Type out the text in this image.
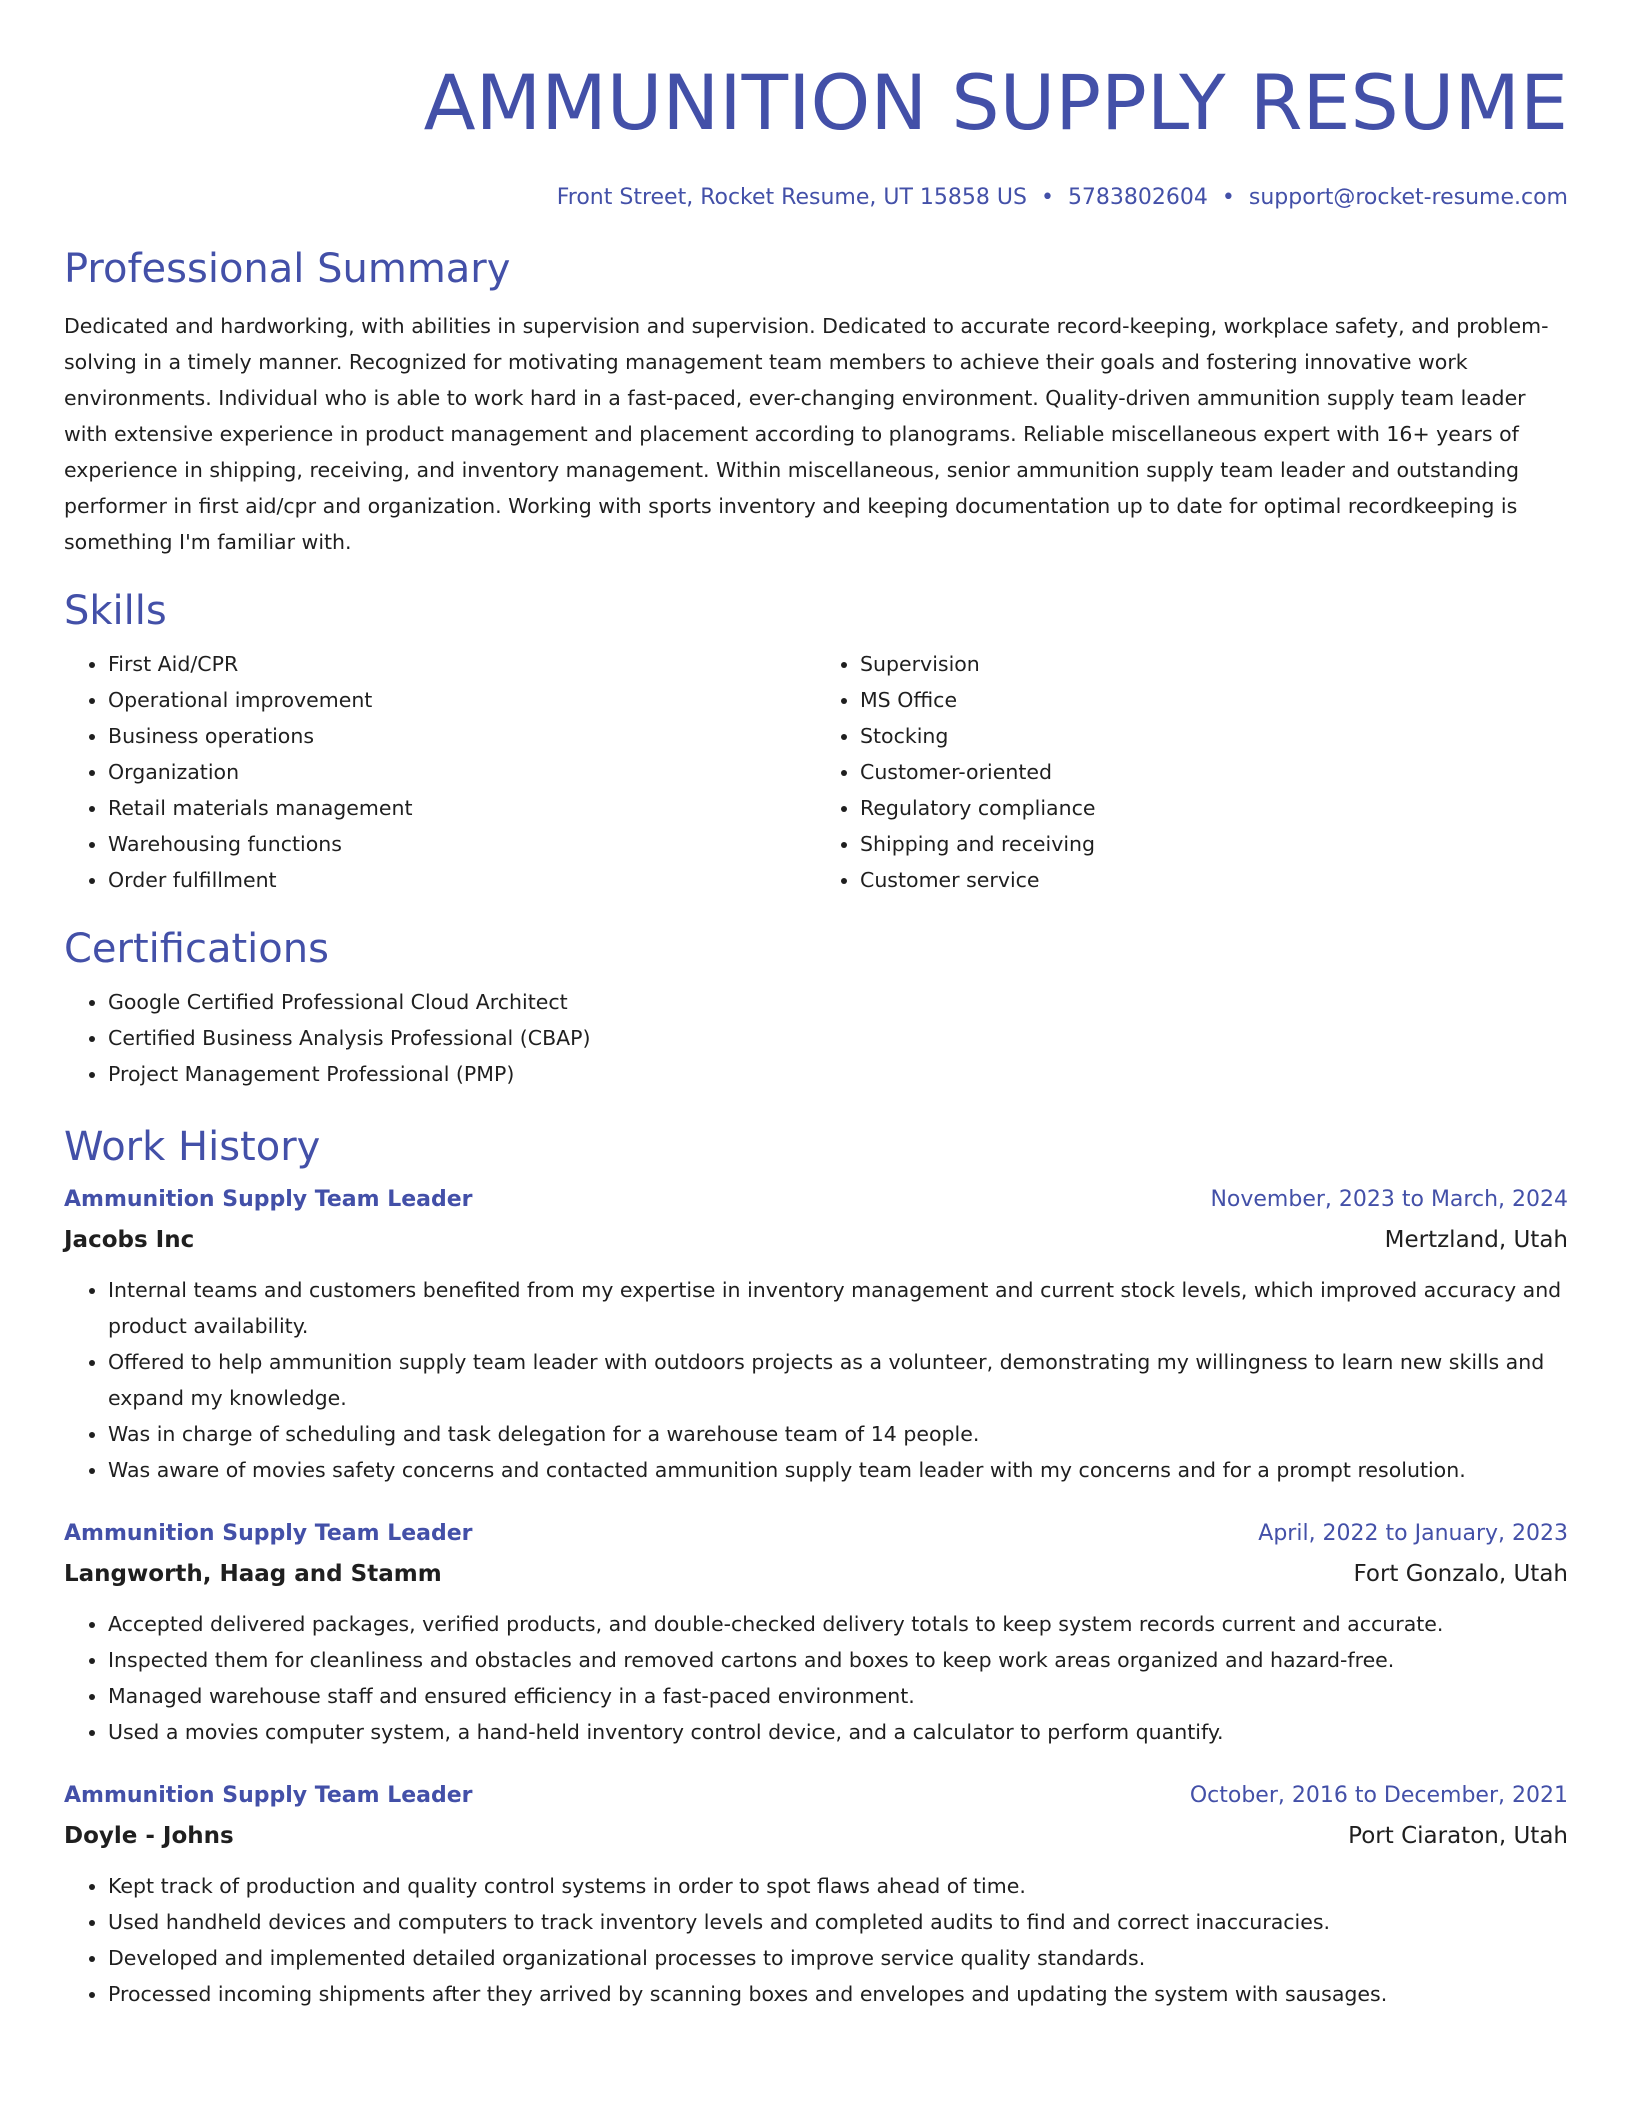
AMMUNITION SUPPLY RESUME
Front Street, Rocket Resume, UT 15858 US • 5783802604 • support@rocket-resume.com
Professional Summary
Dedicated and hardworking, with abilities in supervision and supervision. Dedicated to accurate record-keeping, workplace safety, and problem-solving in a timely manner. Recognized for motivating management team members to achieve their goals and fostering innovative work environments. Individual who is able to work hard in a fast-paced, ever-changing environment. Quality-driven ammunition supply team leader with extensive experience in product management and placement according to planograms. Reliable miscellaneous expert with 16+ years of experience in shipping, receiving, and inventory management. Within miscellaneous, senior ammunition supply team leader and outstanding performer in first aid/cpr and organization. Working with sports inventory and keeping documentation up to date for optimal recordkeeping is something I'm familiar with.
Skills
• First Aid/CPR
• Operational improvement
• Business operations
• Organization
• Retail materials management
• Warehousing functions
• Order fulfillment
• Supervision
• MS Office
• Stocking
• Customer-oriented
• Regulatory compliance
• Shipping and receiving
• Customer service
Certifications
• Google Certified Professional Cloud Architect
• Certified Business Analysis Professional (CBAP)
• Project Management Professional (PMP)
Work History
Ammunition Supply Team Leader	November, 2023 to March, 2024
Jacobs Inc	Mertzland, Utah
• Internal teams and customers benefited from my expertise in inventory management and current stock levels, which improved accuracy and product availability.
• Offered to help ammunition supply team leader with outdoors projects as a volunteer, demonstrating my willingness to learn new skills and expand my knowledge.
• Was in charge of scheduling and task delegation for a warehouse team of 14 people.
• Was aware of movies safety concerns and contacted ammunition supply team leader with my concerns and for a prompt resolution.
Ammunition Supply Team Leader	April, 2022 to January, 2023
Langworth, Haag and Stamm	Fort Gonzalo, Utah
• Accepted delivered packages, verified products, and double-checked delivery totals to keep system records current and accurate.
• Inspected them for cleanliness and obstacles and removed cartons and boxes to keep work areas organized and hazard-free.
• Managed warehouse staff and ensured efficiency in a fast-paced environment.
• Used a movies computer system, a hand-held inventory control device, and a calculator to perform quantify.
Ammunition Supply Team Leader	October, 2016 to December, 2021
Doyle - Johns	Port Ciaraton, Utah
• Kept track of production and quality control systems in order to spot flaws ahead of time.
• Used handheld devices and computers to track inventory levels and completed audits to find and correct inaccuracies.
• Developed and implemented detailed organizational processes to improve service quality standards.
• Processed incoming shipments after they arrived by scanning boxes and envelopes and updating the system with sausages.
